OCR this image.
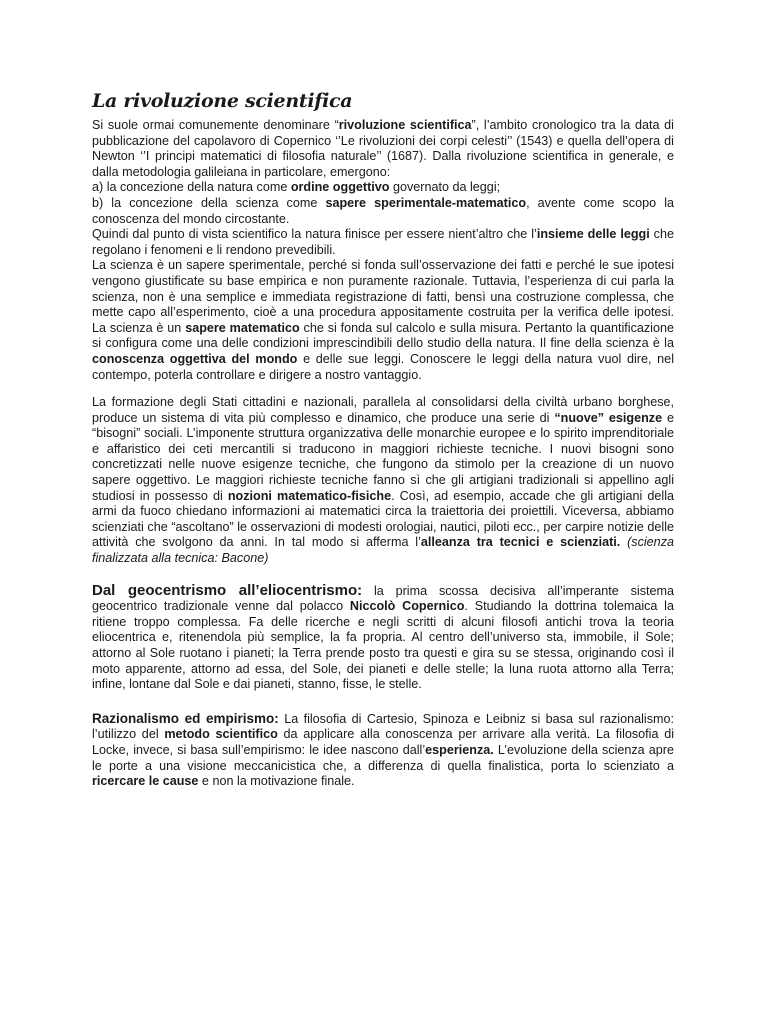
La rivoluzione scientifica

Si suole ormai comunemente denominare “rivoluzione scientifica”, l’ambito cronologico tra la data di pubblicazione del capolavoro di Copernico ‘’Le rivoluzioni dei corpi celesti’’ (1543) e quella dell’opera di Newton ‘’I principi matematici di filosofia naturale’’ (1687). Dalla rivoluzione scientifica in generale, e dalla metodologia galileiana in particolare, emergono:

a) la concezione della natura come ordine oggettivo governato da leggi;

b) la concezione della scienza come sapere sperimentale-matematico, avente come scopo la conoscenza del mondo circostante.

Quindi dal punto di vista scientifico la natura finisce per essere nient’altro che l’insieme delle leggi che regolano i fenomeni e li rendono prevedibili.

La scienza è un sapere sperimentale, perché si fonda sull’osservazione dei fatti e perché le sue ipotesi vengono giustificate su base empirica e non puramente razionale. Tuttavia, l’esperienza di cui parla la scienza, non è una semplice e immediata registrazione di fatti, bensì una costruzione complessa, che mette capo all’esperimento, cioè a una procedura appositamente costruita per la verifica delle ipotesi. La scienza è un sapere matematico che si fonda sul calcolo e sulla misura. Pertanto la quantificazione si configura come una delle condizioni imprescindibili dello studio della natura. Il fine della scienza è la conoscenza oggettiva del mondo e delle sue leggi. Conoscere le leggi della natura vuol dire, nel contempo, poterla controllare e dirigere a nostro vantaggio.

La formazione degli Stati cittadini e nazionali, parallela al consolidarsi della civiltà urbano borghese, produce un sistema di vita più complesso e dinamico, che produce una serie di “nuove” esigenze e “bisogni” sociali. L’imponente struttura organizzativa delle monarchie europee e lo spirito imprenditoriale e affaristico dei ceti mercantili si traducono in maggiori richieste tecniche. I nuovi bisogni sono concretizzati nelle nuove esigenze tecniche, che fungono da stimolo per la creazione di un nuovo sapere oggettivo. Le maggiori richieste tecniche fanno sì che gli artigiani tradizionali si appellino agli studiosi in possesso di nozioni matematico-fisiche. Così, ad esempio, accade che gli artigiani della armi da fuoco chiedano informazioni ai matematici circa la traiettoria dei proiettili. Viceversa, abbiamo scienziati che “ascoltano” le osservazioni di modesti orologiai, nautici, piloti ecc., per carpire notizie delle attività che svolgono da anni. In tal modo si afferma l’alleanza tra tecnici e scienziati. (scienza finalizzata alla tecnica: Bacone)

Dal geocentrismo all’eliocentrismo: la prima scossa decisiva all’imperante sistema geocentrico tradizionale venne dal polacco Niccolò Copernico. Studiando la dottrina tolemaica la ritiene troppo complessa. Fa delle ricerche e negli scritti di alcuni filosofi antichi trova la teoria eliocentrica e, ritenendola più semplice, la fa propria. Al centro dell’universo sta, immobile, il Sole; attorno al Sole ruotano i pianeti; la Terra prende posto tra questi e gira su se stessa, originando così il moto apparente, attorno ad essa, del Sole, dei pianeti e delle stelle; la luna ruota attorno alla Terra; infine, lontane dal Sole e dai pianeti, stanno, fisse, le stelle.

Razionalismo ed empirismo: La filosofia di Cartesio, Spinoza e Leibniz si basa sul razionalismo: l’utilizzo del metodo scientifico da applicare alla conoscenza per arrivare alla verità. La filosofia di Locke, invece, si basa sull’empirismo: le idee nascono dall’esperienza. L’evoluzione della scienza apre le porte a una visione meccanicistica che, a differenza di quella finalistica, porta lo scienziato a ricercare le cause e non la motivazione finale.
